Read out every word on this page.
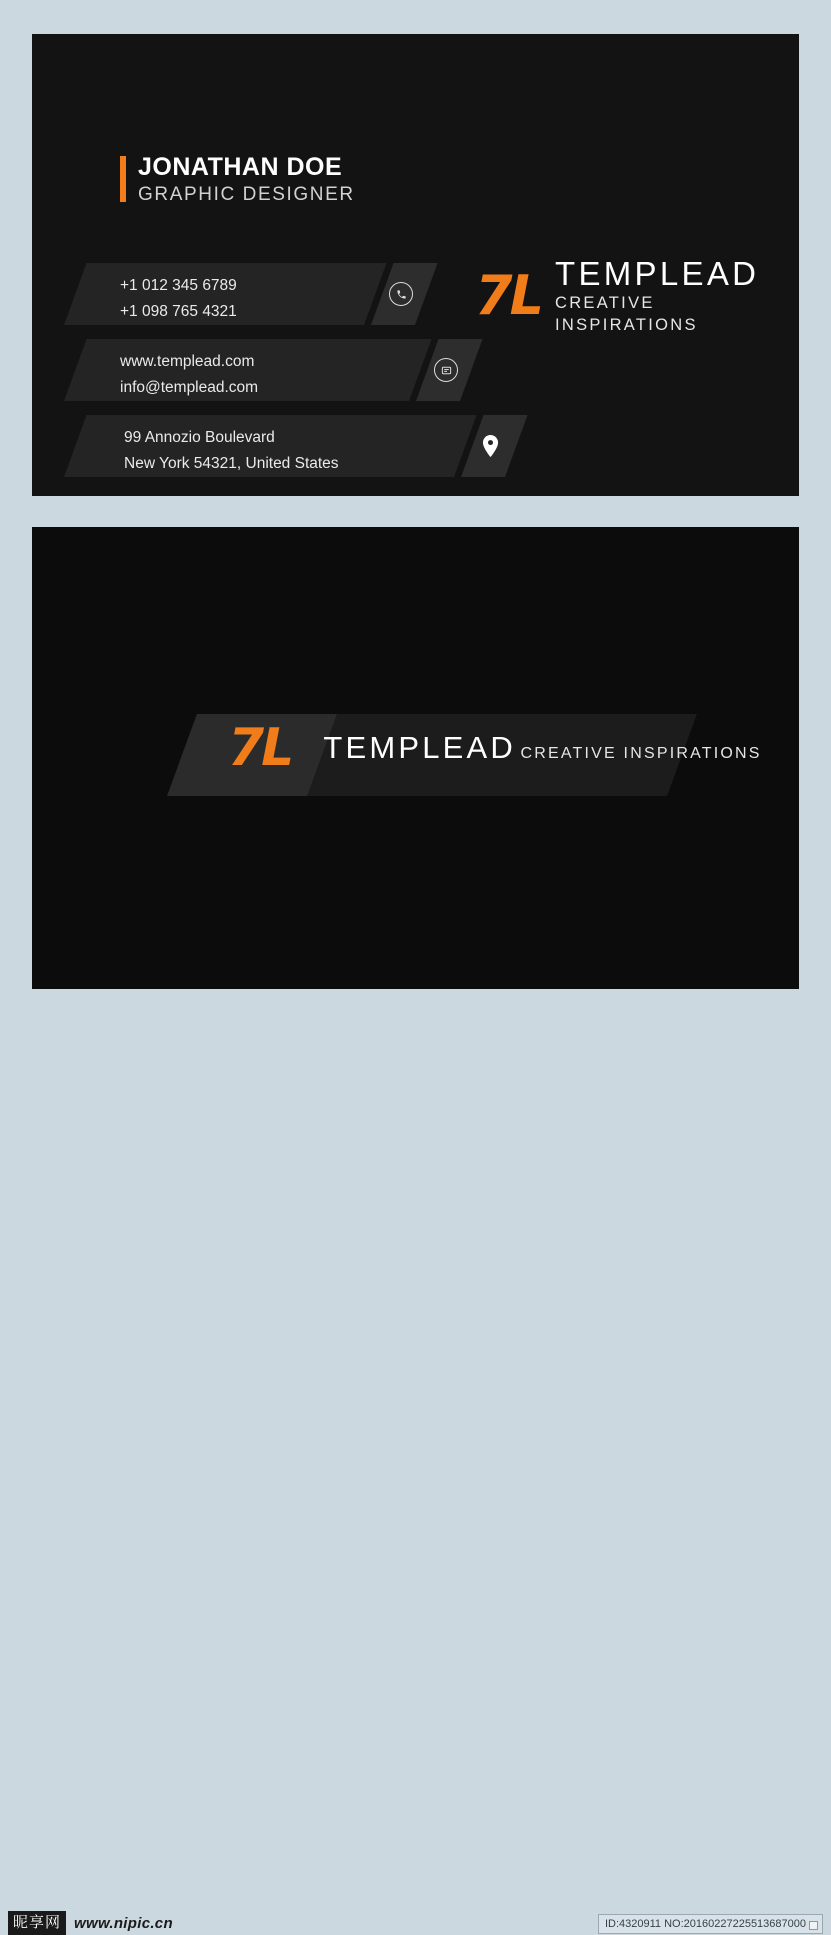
JONATHAN DOE
GRAPHIC DESIGNER
+1 012 345 6789
+1 098 765 4321
www.templead.com
info@templead.com
99 Annozio Boulevard
New York 54321, United States
7L TEMPLEAD CREATIVE INSPIRATIONS
7L TEMPLEAD CREATIVE INSPIRATIONS
昵享网 www.nipic.cn	ID:4320911 NO:20160227225513687000
